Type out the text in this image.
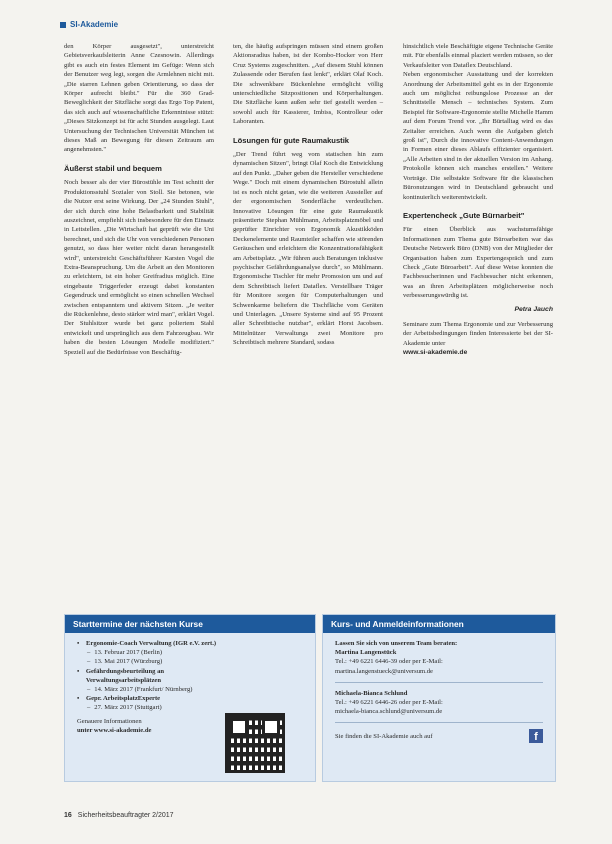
SI-Akademie

den Körper ausgesetzt", unterstreicht Gebietsverkaufsleiterin Anne Czesnowin. Allerdings gibt es auch ein festes Element im Gefüge: Wenn sich der Benutzer weg legt, sorgen die Armlehnen nicht mit. „Die starren Lehnen geben Orientierung, so dass der Körper aufrecht bleibt." Für die 360 Grad-Beweglichkeit der Sitzfläche sorgt das Ergo Top Patent, das sich auch auf wissenschaftliche Erkenntnisse stützt: „Dieses Sitzkonzept ist für acht Stunden ausgelegt. Laut Untersuchung der Technischen Universität München ist dieses Maß an Bewegung für diesen Zeitraum am angenehmsten."

Äußerst stabil und bequem

Noch besser als der vier Bürostühle im Test schnitt der Produktionsstuhl Sozialer von Stoll. Sie betonen, wie die Nutzer erst seine Wirkung. Der „24 Stunden Stuhl", der sich durch eine hohe Belastbarkeit und Stabilität auszeichnet, empfiehlt sich insbesondere für den Einsatz in Leitstellen. „Die Wirtschaft hat geprüft wie die Uni berechnet, und sich die Uhr von verschiedenen Personen genutzt, so dass hier weiter nicht daran herangestellt wird", unterstreicht Geschäftsführer Karsten Vogel die Extra-Beanspruchung. Um die Arbeit an den Monitoren zu erleichtern, ist ein hoher Greifradius möglich. Eine eingebaute Triggerfeder erzeugt dabei konstanten Gegendruck und ermöglicht so einen schnellen Wechsel zwischen entspanntem und aktivem Sitzen. „Je weiter die Rückenlehne, desto stärker wird man", erklärt Vogel. Der Stuhlsitzer wurde bei ganz poliertem Stahl entwickelt und ursprünglich aus dem Fahrzeugbau. Wir haben die besten Lösungen Modelle modifiziert." Speziell auf die Bedürfnisse von Beschäftig-

ten, die häufig aufspringen müssen sind einem großen Aktionsradius haben, ist der Kombo-Hocker von Herr Cruz Systems zugeschnitten. „Auf diesem Stuhl können Zulassende oder Berufen fast lenkt", erklärt Olaf Koch. Die schwenkbare Bückenlehne ermöglicht völlig unterschiedliche Sitzpositionen und Körperhaltungen. Die Sitzfläche kann außen sehr tief gestellt werden – sowohl auch für Kassierer, Imbiss, Kontrolleur oder Laboranten.

Lösungen für gute Raumakustik

„Der Trend führt weg vom statischen hin zum dynamischen Sitzen", bringt Olaf Koch die Entwicklung auf den Punkt. „Daher geben die Hersteller verschiedene Wege." Doch mit einem dynamischen Bürostuhl allein ist es noch nicht getan, wie die weiteren Aussteller auf der ergonomischen Sonderfläche verdeutlichen. Innovative Lösungen für eine gute Raumakustik präsentierte Stephan Mühlmann, Arbeitsplatzmöbel und geprüfter Einrichter von Ergonomik Akustikköden Deckenelemente und Raumteiler schaffen wie störenden Geräuschen und erleichtern die Konzentrationsfähigkeit am Arbeitsplatz. „Wir führen auch Beratungen inklusive psychischer Gefährdungsanalyse durch", so Mühlmann. Ergonomische Tischler für mehr Promosion um und auf dem Schreibtisch liefert Dataflex. Verstellbare Träger für Monitore sorgen für Computerhaltungen und Schwenkarme beliefern die Tischfläche vom Geräten und Unterlagen. „Unsere Systeme sind auf 95 Prozent aller Schreibtische nutzbar", erklärt Horst Jacobsen. Mittelnützer Verwaltungs zwei Monitore pro Schreibtisch mehrere Standard, sodass

hinsichtlich viele Beschäftigte eigene Technische Geräte mit. Für ebenfalls einmal plaziert werden müssen, so der Verkaufsleiter von Dataflex Deutschland.

Neben ergonomischer Ausstattung und der korrekten Anordnung der Arbeitsmittel geht es in der Ergonomie auch um möglichst reibungslose Prozesse an der Schnittstelle Mensch – technisches System. Zum Beispiel für Software-Ergonomie stellte Michelle Hamm auf dem Forum Trend vor. „Ihr Bürtalltag wird es das Zeitalter erreichen. Auch wenn die Aufgaben gleich groß ist", Durch die innovative Content-Anwendungen in Formen einer dieses Ablaufs effizienter organisiert. „Alle Arbeiten sind in der aktuellen Version im Anhang. Protokolle können sich manches erstellen." Weitere Vorträge. Die selbstakte Software für die klassischen Büronutzungen wird in Deutschland gebraucht und kontinuierlich weiterentwickelt.

Expertencheck „Gute Bürnarbeit"

Für einen Überblick aus wachstumsfähige Informationen zum Thema gute Büroarbeiten war das Deutsche Netzwerk Büro (DNB) von der Mitglieder der Organisation haben zum Expertengespräch und zum Check „Gute Büroarbeit". Auf diese Weise konnten die Fachbesucherinnen und Fachbesucher nicht erkennen, was an ihren Arbeitsplätzen möglicherweise noch verbesserungswürdig ist.

Petra Jauch

Seminare zum Thema Ergonomie und zur Verbesserung der Arbeitsbedingungen finden Interessierte bei der SI-Akademie unter

www.si-akademie.de

Starttermine der nächsten Kurse
•	Ergonomie-Coach Verwaltung (IGR e.V. zert.)
– 13. Februar 2017 (Berlin)
– 13. Mai 2017 (Würzburg)
• Gefährdungsbeurteilung an Verwaltungsarbeitsplätzen
– 14. März 2017 (Frankfurt/ Nürnberg)
•	Gepr. ArbeitsplatzExperte
– 27. März 2017 (Stuttgart)
Genauere Informationen
unter www.si-akademie.de
Kurs- und Anmeldeinformationen
Lassen Sie sich von unserem Team beraten:
Martina Langenstück
Tel.: +49 6221 6446-39 oder per E-Mail:
martina.langenstueck@universum.de
Michaela-Bianca Schlund
Tel.: +49 6221 6446-26 oder per E-Mail:
michaela-bianca.schlund@universum.de
Sie finden die SI-Akademie auch auf	f
16 Sicherheitsbeauftragter 2/2017
